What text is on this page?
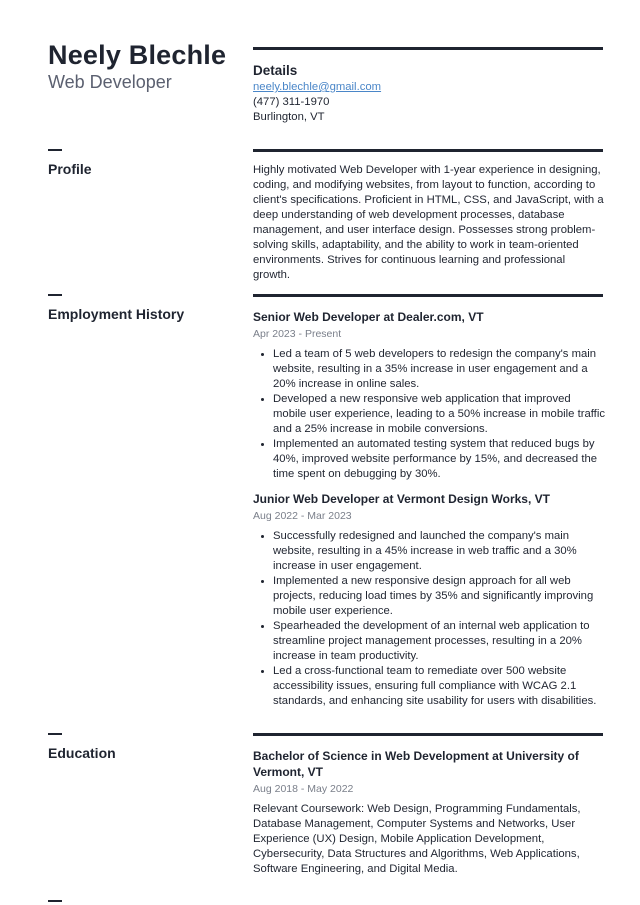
Neely Blechle
Web Developer
Details
neely.blechle@gmail.com
(477) 311-1970
Burlington, VT
Profile	Highly motivated Web Developer with 1-year experience in designing, coding, and modifying websites, from layout to function, according to client's specifications. Proficient in HTML, CSS, and JavaScript, with a deep understanding of web development processes, database management, and user interface design. Possesses strong problem-solving skills, adaptability, and the ability to work in team-oriented environments. Strives for continuous learning and professional growth.
Employment History	Senior Web Developer at Dealer.com, VT
Apr 2023 - Present
• Led a team of 5 web developers to redesign the company's main website, resulting in a 35% increase in user engagement and a 20% increase in online sales.
• Developed a new responsive web application that improved mobile user experience, leading to a 50% increase in mobile traffic and a 25% increase in mobile conversions.
• Implemented an automated testing system that reduced bugs by 40%, improved website performance by 15%, and decreased the time spent on debugging by 30%.
Junior Web Developer at Vermont Design Works, VT
Aug 2022 - Mar 2023
• Successfully redesigned and launched the company's main website, resulting in a 45% increase in web traffic and a 30% increase in user engagement.
• Implemented a new responsive design approach for all web projects, reducing load times by 35% and significantly improving mobile user experience.
• Spearheaded the development of an internal web application to streamline project management processes, resulting in a 20% increase in team productivity.
• Led a cross-functional team to remediate over 500 website accessibility issues, ensuring full compliance with WCAG 2.1 standards, and enhancing site usability for users with disabilities.
Education	Bachelor of Science in Web Development at University of Vermont, VT
Aug 2018 - May 2022
Relevant Coursework: Web Design, Programming Fundamentals, Database Management, Computer Systems and Networks, User Experience (UX) Design, Mobile Application Development, Cybersecurity, Data Structures and Algorithms, Web Applications, Software Engineering, and Digital Media.
